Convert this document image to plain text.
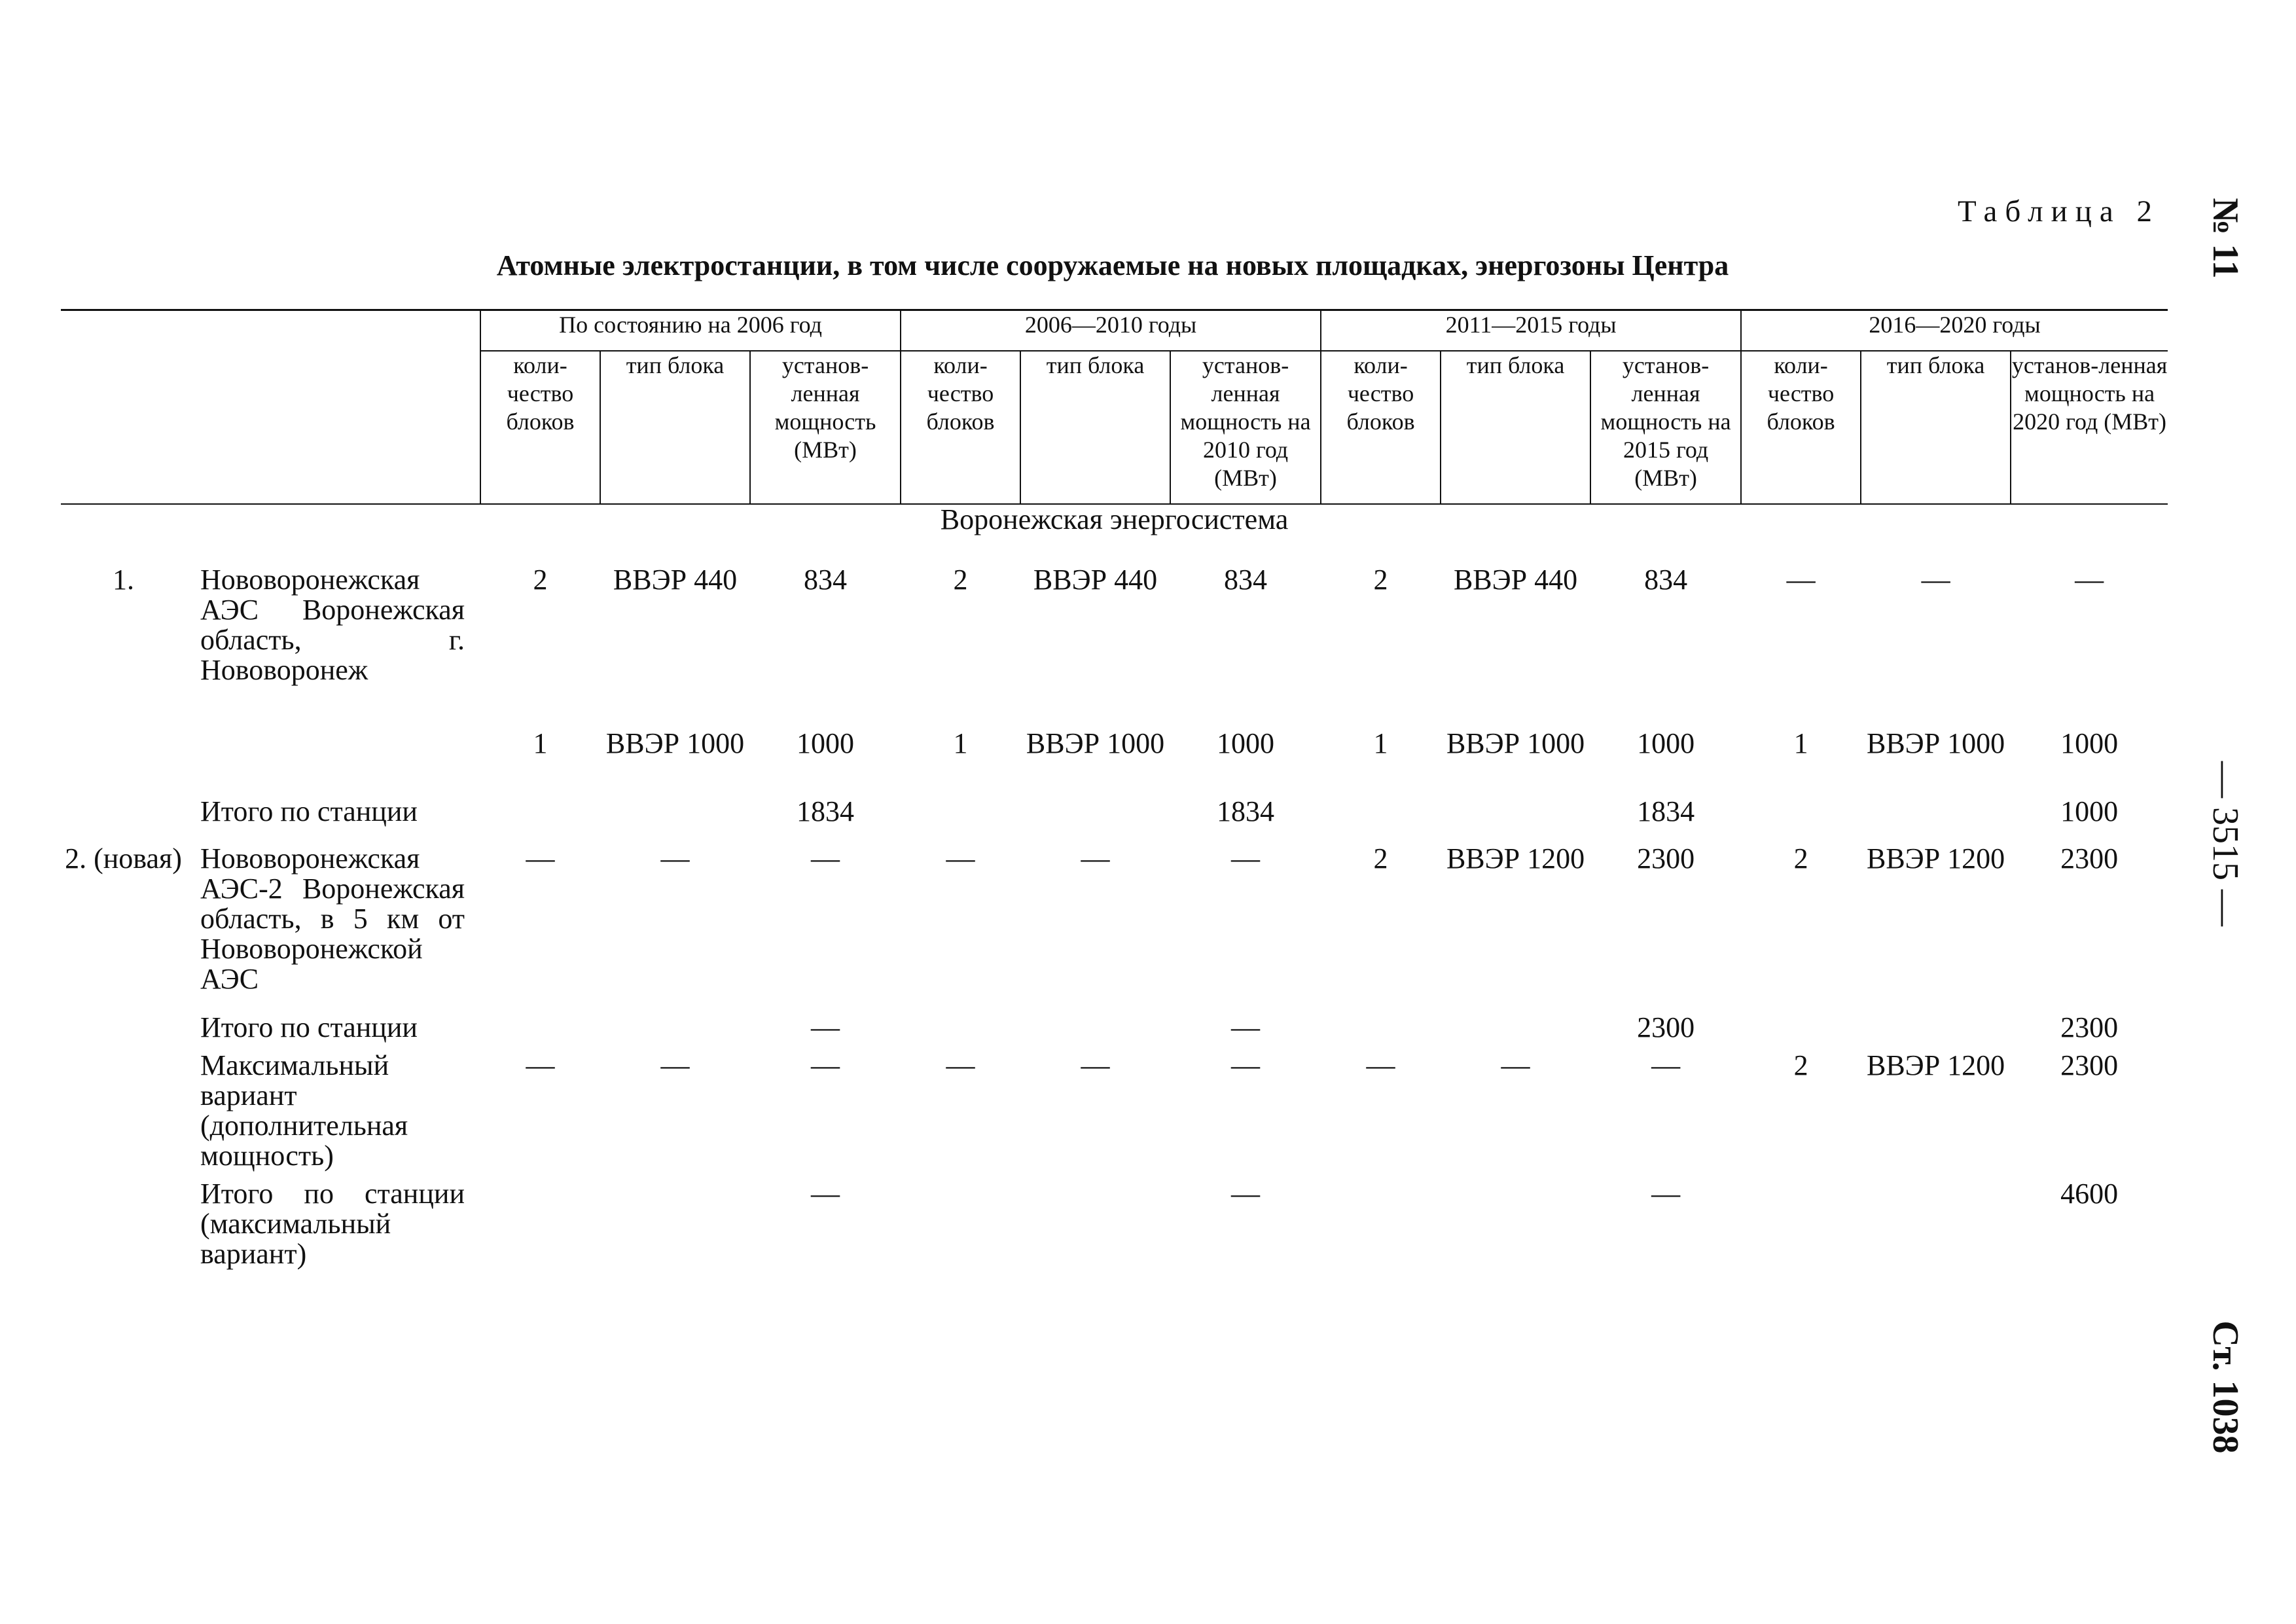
Таблица 2
Атомные электростанции, в том числе сооружаемые на новых площадках, энергозоны Центра	№ 11
— 3515 —
Ст. 1038
		По состоянию на 2006 год			2006—2010 годы			2011—2015 годы			2016—2020 годы		
		коли-чество блоков	тип блока	установ-ленная мощность (МВт)	коли-чество блоков	тип блока	установ-ленная мощность на 2010 год (МВт)	коли-чество блоков	тип блока	установ-ленная мощность на 2015 год (МВт)	коли-чество блоков	тип блока	установ-ленная мощность на 2020 год (МВт)
Воронежская энергосистема													
1.	Нововоронежская АЭС Воронежская область, г. Нововоронеж	2	ВВЭР 440	834	2	ВВЭР 440	834	2	ВВЭР 440	834	—	—	—
		1	ВВЭР 1000	1000	1	ВВЭР 1000	1000	1	ВВЭР 1000	1000	1	ВВЭР 1000	1000
	Итого по станции			1834			1834			1834			1000
2. (новая)	Нововоронежская АЭС-2 Воронежская область, в 5 км от Нововоронежской АЭС	—	—	—	—	—	—	2	ВВЭР 1200	2300	2	ВВЭР 1200	2300
	Итого по станции			—			—			2300			2300
	Максимальный вариант (дополнительная мощность)	—	—	—	—	—	—	—	—	—	2	ВВЭР 1200	2300
	Итого по станции (максимальный вариант)			—			—			—			4600
